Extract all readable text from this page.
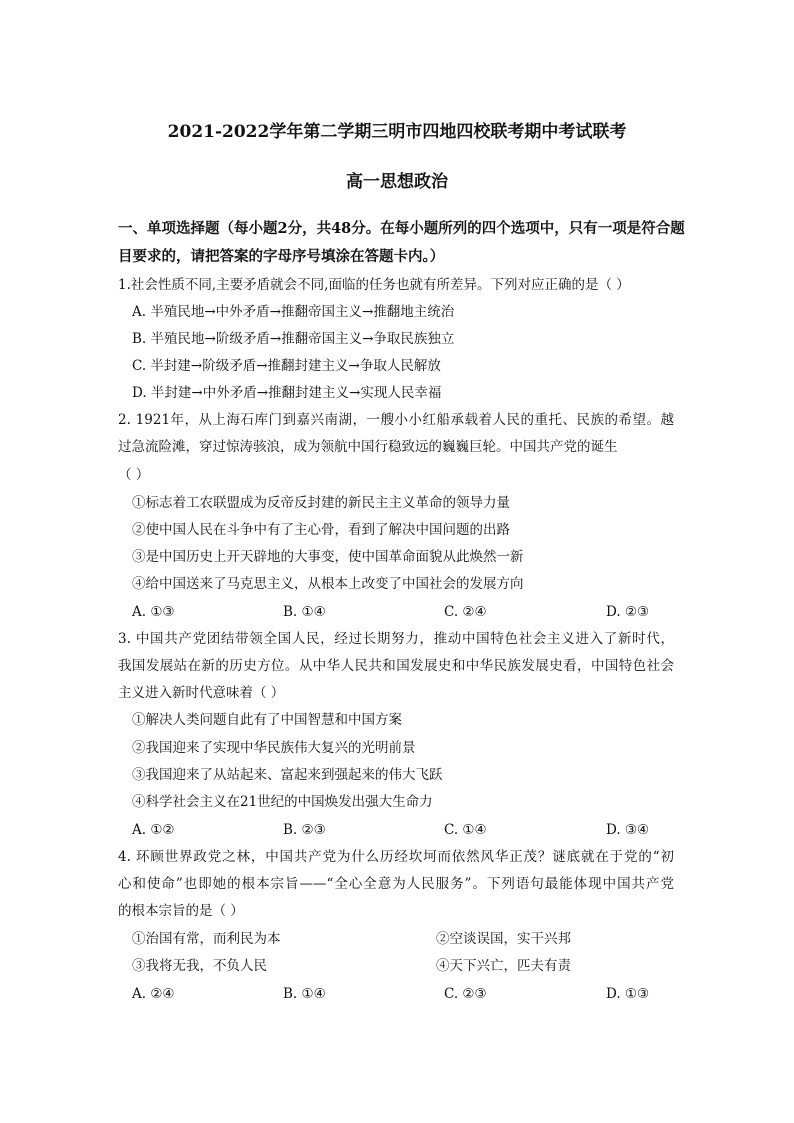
2021-2022学年第二学期三明市四地四校联考期中考试联考
高一思想政治
一、单项选择题（每小题2分，共48分。在每小题所列的四个选项中，只有一项是符合题
目要求的，请把答案的字母序号填涂在答题卡内。）
1.社会性质不同,主要矛盾就会不同,面临的任务也就有所差异。下列对应正确的是（ ）
A. 半殖民地→中外矛盾→推翻帝国主义→推翻地主统治
B. 半殖民地→阶级矛盾→推翻帝国主义→争取民族独立
C. 半封建→阶级矛盾→推翻封建主义→争取人民解放
D. 半封建→中外矛盾→推翻封建主义→实现人民幸福
2. 1921年，从上海石库门到嘉兴南湖，一艘小小红船承载着人民的重托、民族的希望。越
过急流险滩，穿过惊涛骇浪，成为领航中国行稳致远的巍巍巨轮。中国共产党的诞生
（ ）
①标志着工农联盟成为反帝反封建的新民主主义革命的领导力量
②使中国人民在斗争中有了主心骨，看到了解决中国问题的出路
③是中国历史上开天辟地的大事变，使中国革命面貌从此焕然一新
④给中国送来了马克思主义，从根本上改变了中国社会的发展方向
A. ①③	B. ①④	C. ②④	D. ②③
3. 中国共产党团结带领全国人民，经过长期努力，推动中国特色社会主义进入了新时代，
我国发展站在新的历史方位。从中华人民共和国发展史和中华民族发展史看，中国特色社会
主义进入新时代意味着（ ）
①解决人类问题自此有了中国智慧和中国方案
②我国迎来了实现中华民族伟大复兴的光明前景
③我国迎来了从站起来、富起来到强起来的伟大飞跃
④科学社会主义在21世纪的中国焕发出强大生命力
A. ①②	B. ②③	C. ①④	D. ③④
4. 环顾世界政党之林，中国共产党为什么历经坎坷而依然风华正茂？谜底就在于党的“初
心和使命”也即她的根本宗旨——“全心全意为人民服务”。下列语句最能体现中国共产党
的根本宗旨的是（ ）
①治国有常，而利民为本	②空谈误国，实干兴邦
③我将无我，不负人民	④天下兴亡，匹夫有责
A. ②④	B. ①④	C. ②③	D. ①③
